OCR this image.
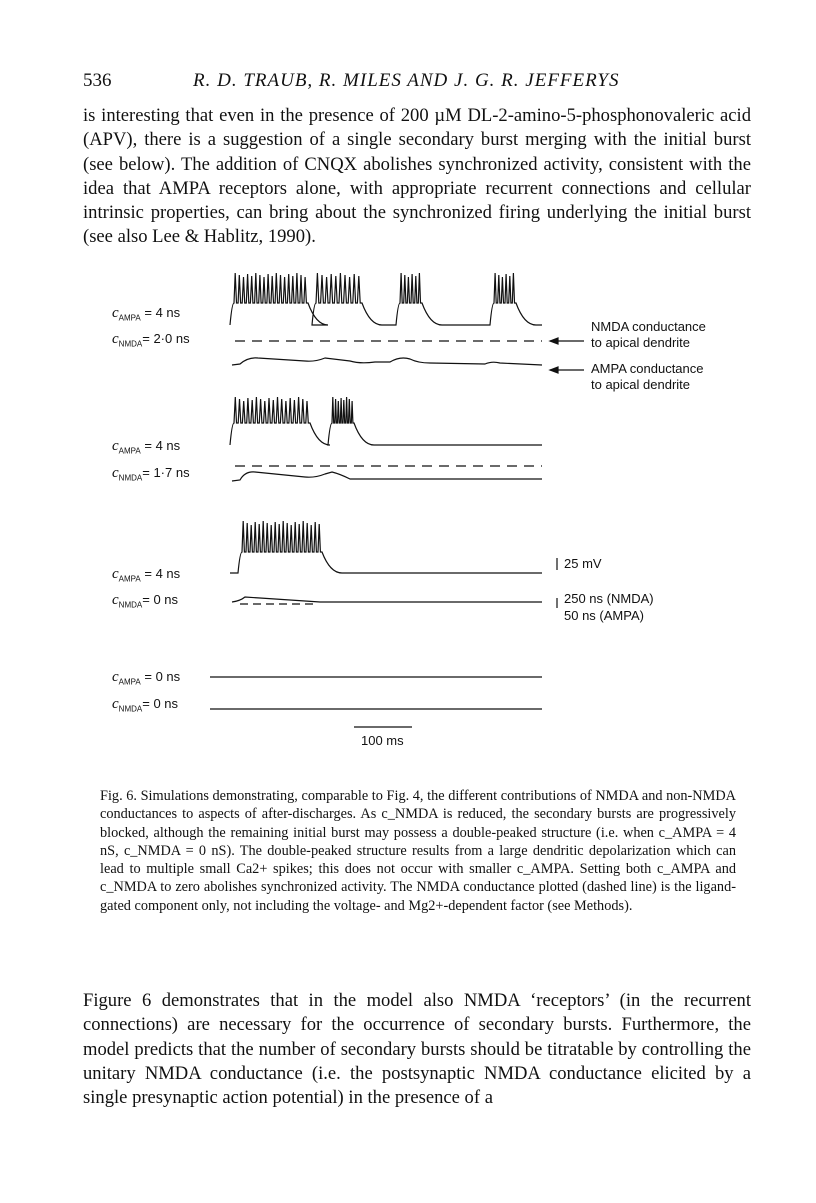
536	R. D. TRAUB, R. MILES AND J. G. R. JEFFERYS

is interesting that even in the presence of 200 µM DL-2-amino-5-phosphonovaleric acid (APV), there is a suggestion of a single secondary burst merging with the initial burst (see below). The addition of CNQX abolishes synchronized activity, consistent with the idea that AMPA receptors alone, with appropriate recurrent connections and cellular intrinsic properties, can bring about the synchronized firing underlying the initial burst (see also Lee & Hablitz, 1990).

$c_{AMPA} = 4$ ns
$c_{NMDA}= 2\cdot 0$ ns
NMDA conductance
to apical dendrite
AMPA conductance
to apical dendrite
$c_{AMPA} = 4$ ns
$c_{NMDA}= 1\cdot 7$ ns
$c_{AMPA} = 4$ ns
$c_{NMDA}= 0$ ns
25 mV
250 ns (NMDA)
50 ns (AMPA)
$c_{AMPA} = 0$ ns
$c_{NMDA}= 0$ ns
100 ms

Fig. 6. Simulations demonstrating, comparable to Fig. 4, the different contributions of NMDA and non-NMDA conductances to aspects of after-discharges. As c_NMDA is reduced, the secondary bursts are progressively blocked, although the remaining initial burst may possess a double-peaked structure (i.e. when c_AMPA = 4 nS, c_NMDA = 0 nS). The double-peaked structure results from a large dendritic depolarization which can lead to multiple small Ca2+ spikes; this does not occur with smaller c_AMPA. Setting both c_AMPA and c_NMDA to zero abolishes synchronized activity. The NMDA conductance plotted (dashed line) is the ligand-gated component only, not including the voltage- and Mg2+-dependent factor (see Methods).

Figure 6 demonstrates that in the model also NMDA ‘receptors’ (in the recurrent connections) are necessary for the occurrence of secondary bursts. Furthermore, the model predicts that the number of secondary bursts should be titratable by controlling the unitary NMDA conductance (i.e. the postsynaptic NMDA conductance elicited by a single presynaptic action potential) in the presence of a
